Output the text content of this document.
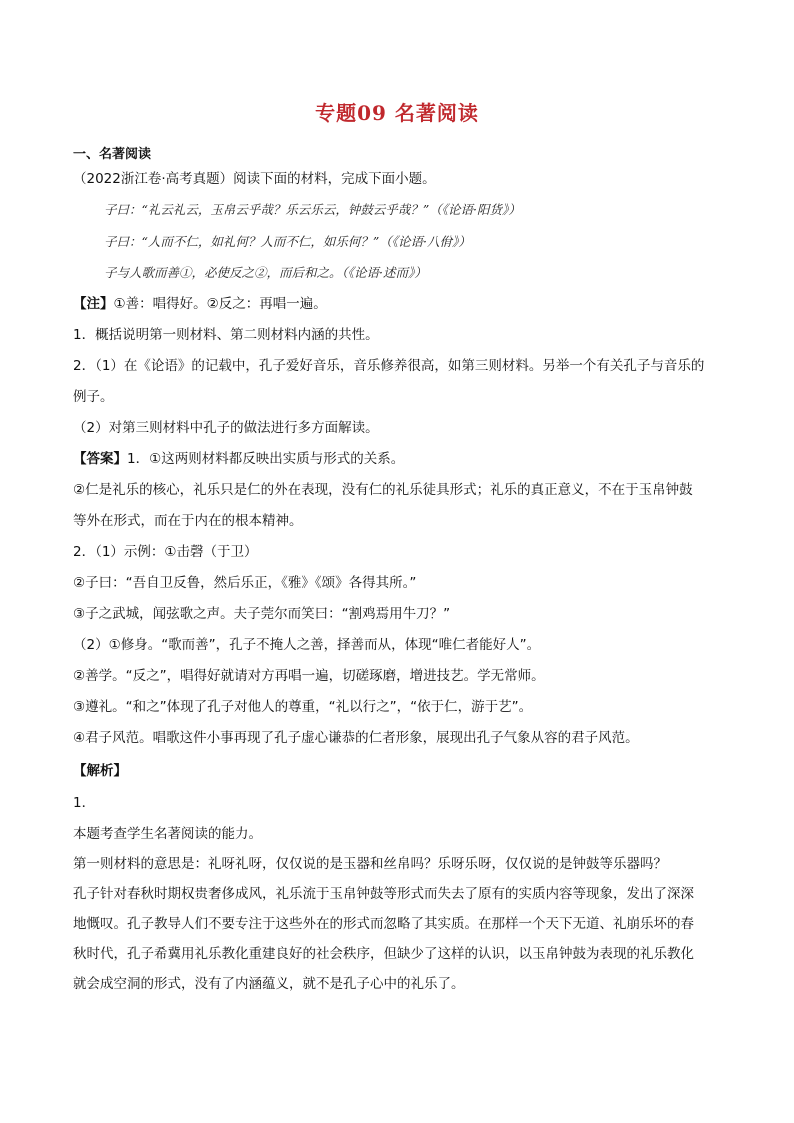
专题09 名著阅读
一、名著阅读
（2022浙江卷·高考真题）阅读下面的材料，完成下面小题。
子曰：“礼云礼云，玉帛云乎哉？乐云乐云，钟鼓云乎哉？”（《论语·阳货》）
子曰：“人而不仁，如礼何？人而不仁，如乐何？”（《论语·八佾》）
子与人歌而善①，必使反之②，而后和之。（《论语·述而》）
【注】①善：唱得好。②反之：再唱一遍。
1．概括说明第一则材料、第二则材料内涵的共性。
2．（1）在《论语》的记载中，孔子爱好音乐，音乐修养很高，如第三则材料。另举一个有关孔子与音乐的
例子。
（2）对第三则材料中孔子的做法进行多方面解读。
【答案】1．①这两则材料都反映出实质与形式的关系。
②仁是礼乐的核心，礼乐只是仁的外在表现，没有仁的礼乐徒具形式；礼乐的真正意义，不在于玉帛钟鼓
等外在形式，而在于内在的根本精神。
2．（1）示例：①击磬（于卫）
②子曰：“吾自卫反鲁，然后乐正，《雅》《颂》各得其所。”
③子之武城，闻弦歌之声。夫子莞尔而笑曰：“割鸡焉用牛刀？”
（2）①修身。“歌而善”，孔子不掩人之善，择善而从，体现“唯仁者能好人”。
②善学。“反之”，唱得好就请对方再唱一遍，切磋琢磨，增进技艺。学无常师。
③遵礼。“和之”体现了孔子对他人的尊重，“礼以行之”，“依于仁，游于艺”。
④君子风范。唱歌这件小事再现了孔子虚心谦恭的仁者形象，展现出孔子气象从容的君子风范。
【解析】
1．
本题考查学生名著阅读的能力。
第一则材料的意思是：礼呀礼呀，仅仅说的是玉器和丝帛吗？乐呀乐呀，仅仅说的是钟鼓等乐器吗？
孔子针对春秋时期权贵奢侈成风，礼乐流于玉帛钟鼓等形式而失去了原有的实质内容等现象，发出了深深
地慨叹。孔子教导人们不要专注于这些外在的形式而忽略了其实质。在那样一个天下无道、礼崩乐坏的春
秋时代，孔子希冀用礼乐教化重建良好的社会秩序，但缺少了这样的认识，以玉帛钟鼓为表现的礼乐教化
就会成空洞的形式，没有了内涵蕴义，就不是孔子心中的礼乐了。
